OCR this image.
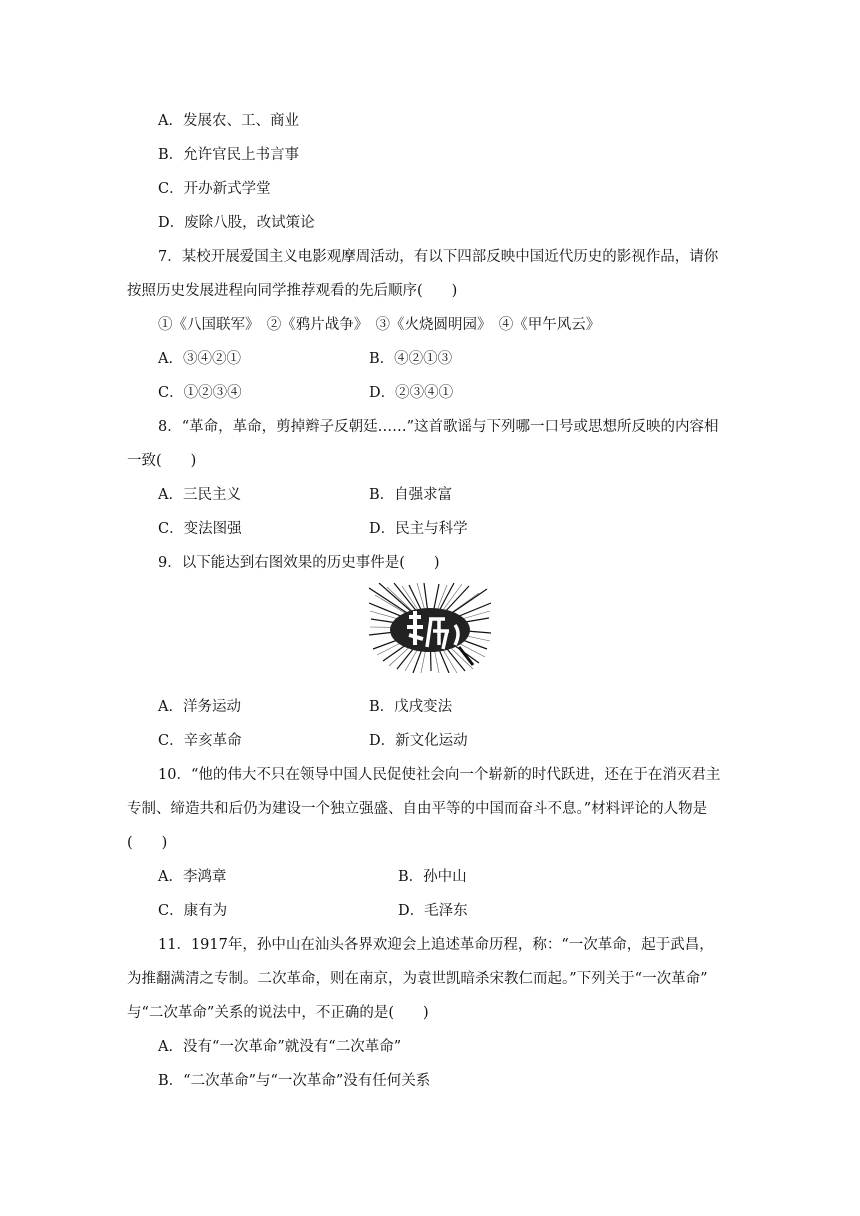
A．发展农、工、商业
B．允许官民上书言事
C．开办新式学堂
D．废除八股，改试策论
7．某校开展爱国主义电影观摩周活动，有以下四部反映中国近代历史的影视作品，请你
按照历史发展进程向同学推荐观看的先后顺序(　　)
①《八国联军》　②《鸦片战争》　③《火烧圆明园》　④《甲午风云》
A．③④②①	B．④②①③
C．①②③④	D．②③④①
8．“革命，革命，剪掉辫子反朝廷……”这首歌谣与下列哪一口号或思想所反映的内容相
一致(　　)
A．三民主义	B．自强求富
C．变法图强	D．民主与科学
9．以下能达到右图效果的历史事件是(　　)
A．洋务运动	B．戊戌变法
C．辛亥革命	D．新文化运动
10．“他的伟大不只在领导中国人民促使社会向一个崭新的时代跃进，还在于在消灭君主
专制、缔造共和后仍为建设一个独立强盛、自由平等的中国而奋斗不息。”材料评论的人物是
(　　)
A．李鸿章	B．孙中山
C．康有为	D．毛泽东
11．1917年，孙中山在汕头各界欢迎会上追述革命历程，称：“一次革命，起于武昌，
为推翻满清之专制。二次革命，则在南京，为袁世凯暗杀宋教仁而起。”下列关于“一次革命”
与“二次革命”关系的说法中，不正确的是(　　)
A．没有“一次革命”就没有“二次革命”
B．“二次革命”与“一次革命”没有任何关系
